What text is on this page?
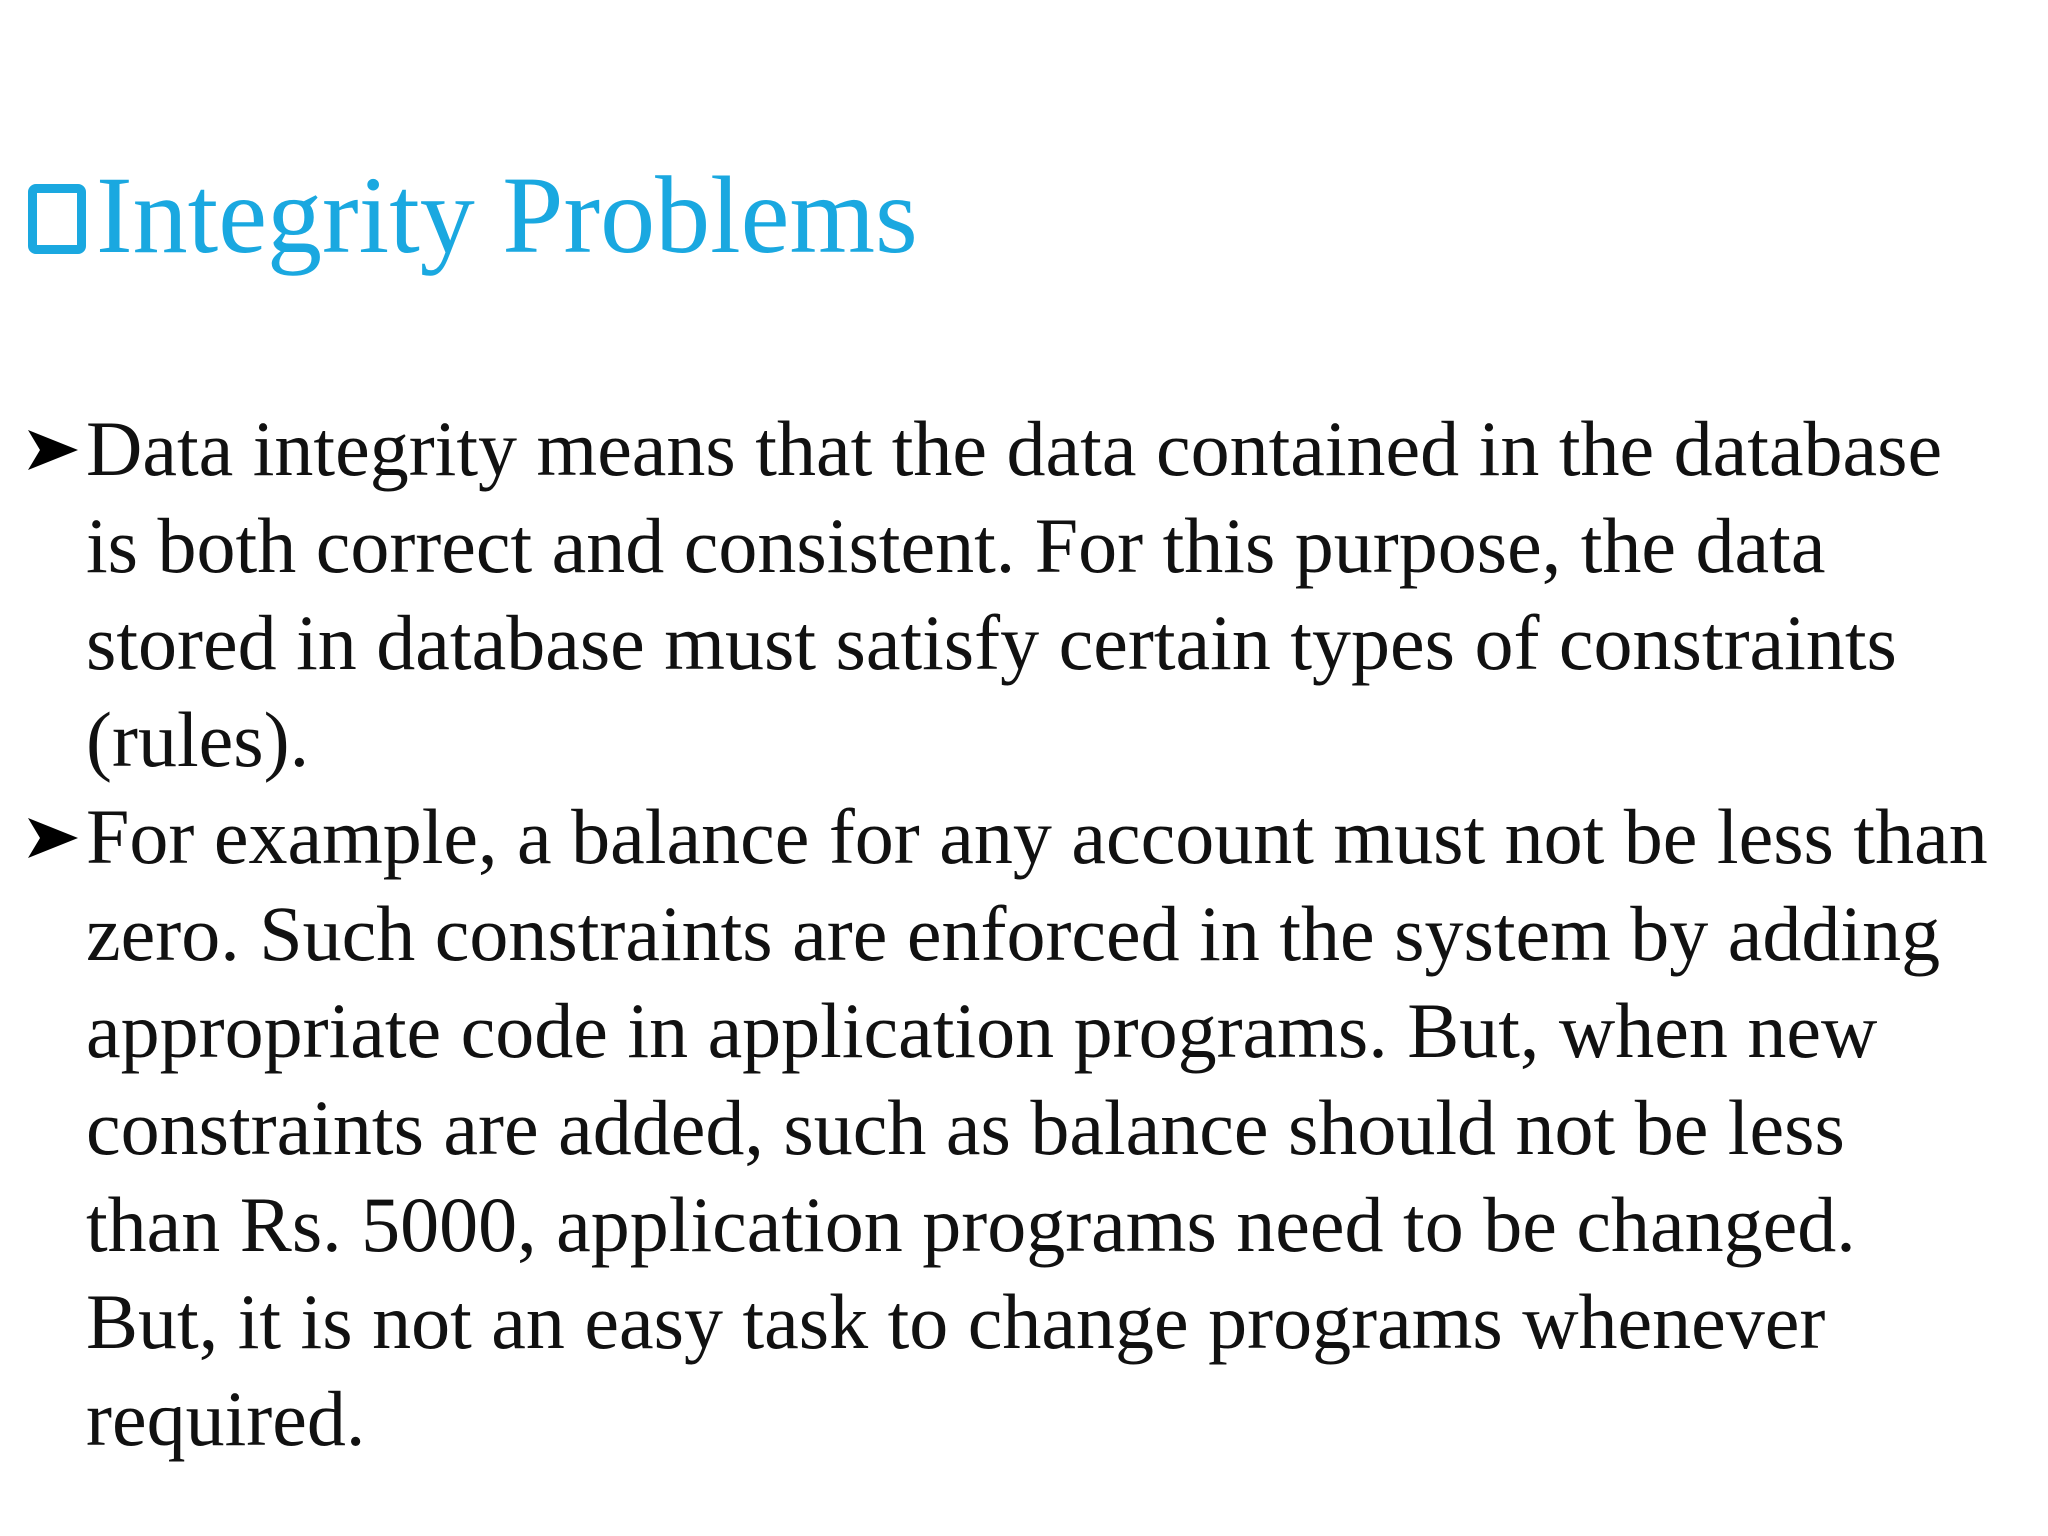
Integrity Problems
Data integrity means that the data contained in the database
is both correct and consistent. For this purpose, the data
stored in database must satisfy certain types of constraints
(rules).
For example, a balance for any account must not be less than
zero. Such constraints are enforced in the system by adding
appropriate code in application programs. But, when new
constraints are added, such as balance should not be less
than Rs. 5000, application programs need to be changed.
But, it is not an easy task to change programs whenever
required.
